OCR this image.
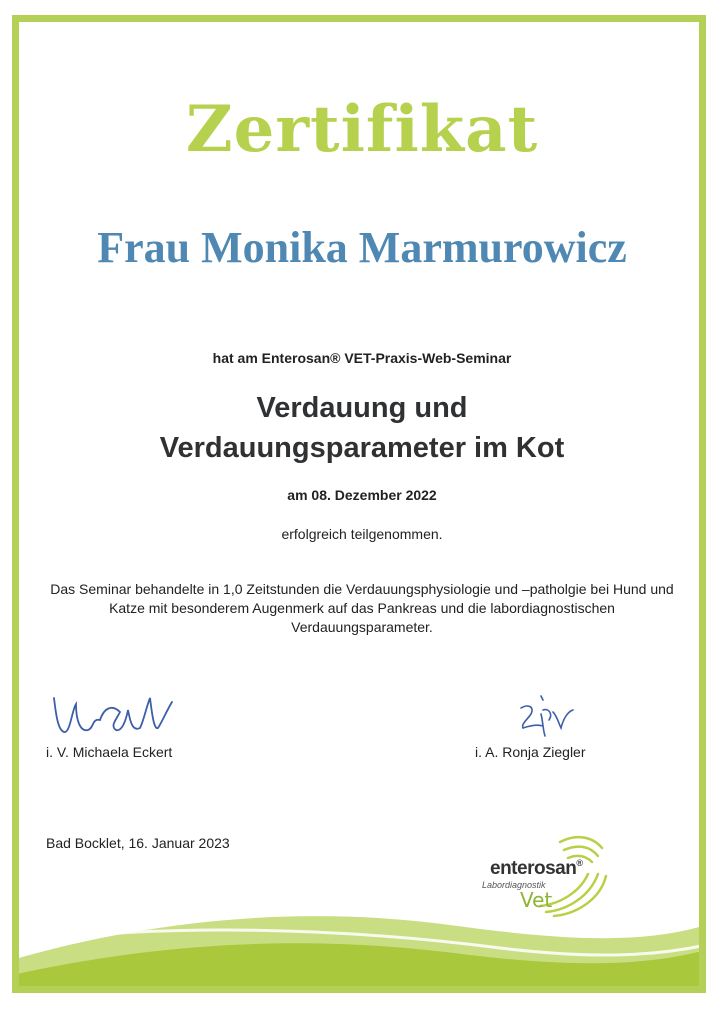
Zertifikat
Frau Monika Marmurowicz
hat am Enterosan® VET-Praxis-Web-Seminar
Verdauung und
Verdauungsparameter im Kot
am 08. Dezember 2022
erfolgreich teilgenommen.
Das Seminar behandelte in 1,0 Zeitstunden die Verdauungsphysiologie und –patholgie bei Hund und Katze mit besonderem Augenmerk auf das Pankreas und die labordiagnostischen Verdauungsparameter.
i. V. Michaela Eckert	i. A. Ronja Ziegler
Bad Bocklet, 16. Januar 2023
enterosan®
Labordiagnostik
Vet
